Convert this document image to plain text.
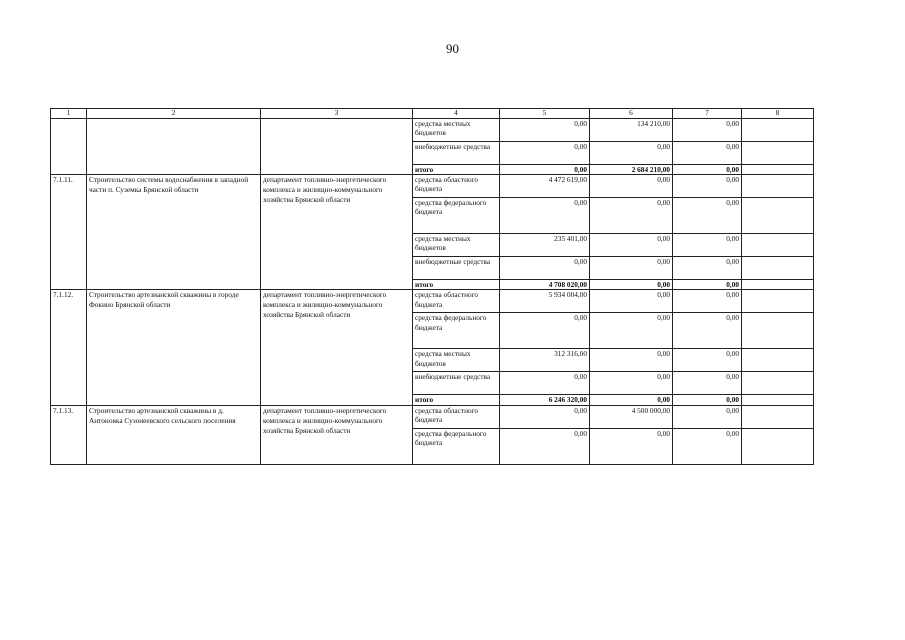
90
1	2	3	4	5	6	7	8
			средства местных бюджетов	0,00	134 210,00	0,00	
			внебюджетные средства	0,00	0,00	0,00	
			итого	0,00	2 684 210,00	0,00	
7.1.11.	Строительство системы водоснабжения в западной части п. Суземка Брянской области	департамент топливно-энергетического комплекса и жилищно-коммунального хозяйства Брянской области	средства областного бюджета	4 472 619,00	0,00	0,00	
			средства федерального бюджета	0,00	0,00	0,00	
			средства местных бюджетов	235 401,00	0,00	0,00	
			внебюджетные средства	0,00	0,00	0,00	
			итого	4 708 020,00	0,00	0,00	
7.1.12.	Строительство артезианской скважины в городе Фокино Брянской области	департамент топливно-энергетического комплекса и жилищно-коммунального хозяйства Брянской области	средства областного бюджета	5 934 004,00	0,00	0,00	
			средства федерального бюджета	0,00	0,00	0,00	
			средства местных бюджетов	312 316,00	0,00	0,00	
			внебюджетные средства	0,00	0,00	0,00	
			итого	6 246 320,00	0,00	0,00	
7.1.13.	Строительство артезианской скважины в д. Антоновка Сузонеевского сельского поселения	департамент топливно-энергетического комплекса и жилищно-коммунального хозяйства Брянской области	средства областного бюджета	0,00	4 500 000,00	0,00	
			средства федерального бюджета	0,00	0,00	0,00	
